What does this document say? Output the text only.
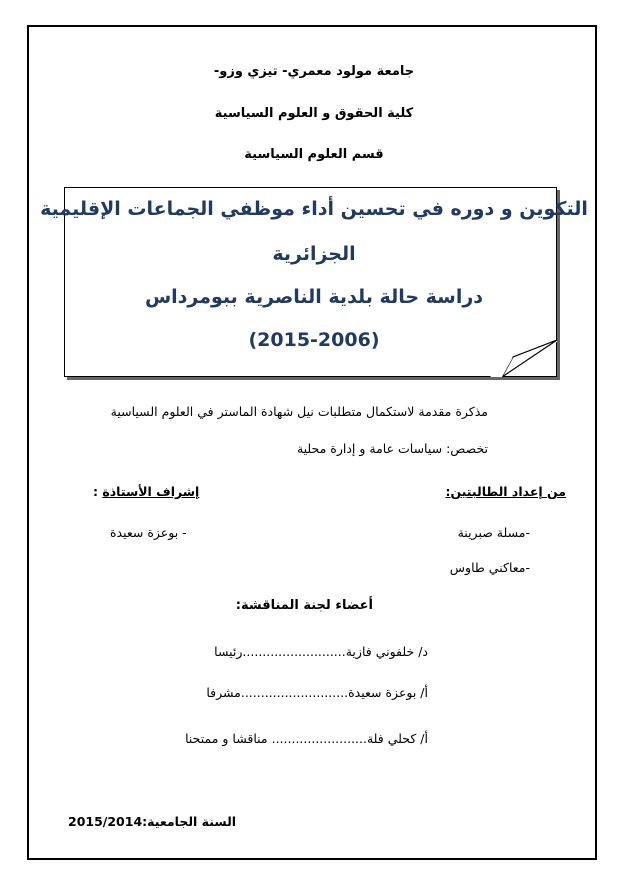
جامعة مولود معمري- تيزي وزو-
كلية الحقوق و العلوم السياسية
قسم العلوم السياسية
التكوين و دوره في تحسين أداء موظفي الجماعات الإقليمية
الجزائرية
دراسة حالة بلدية الناصرية ببومرداس
(2015-2006)
مذكرة مقدمة لاستكمال متطلبات نيل شهادة الماستر في العلوم السياسية
تخصص: سياسات عامة و إدارة محلية
من إعداد الطالبتين:
إشراف الأستاذة :
-مسلة صبرينة
-معاكني طاوس
- بوعزة سعيدة
أعضاء لجنة المناقشة:
د/ خلفوني فازية..........................رئيسا
أ/ بوعزة سعيدة...........................مشرفا
أ/ كحلي فلة........................ مناقشا و ممتحنا
السنة الجامعية:2015/2014
